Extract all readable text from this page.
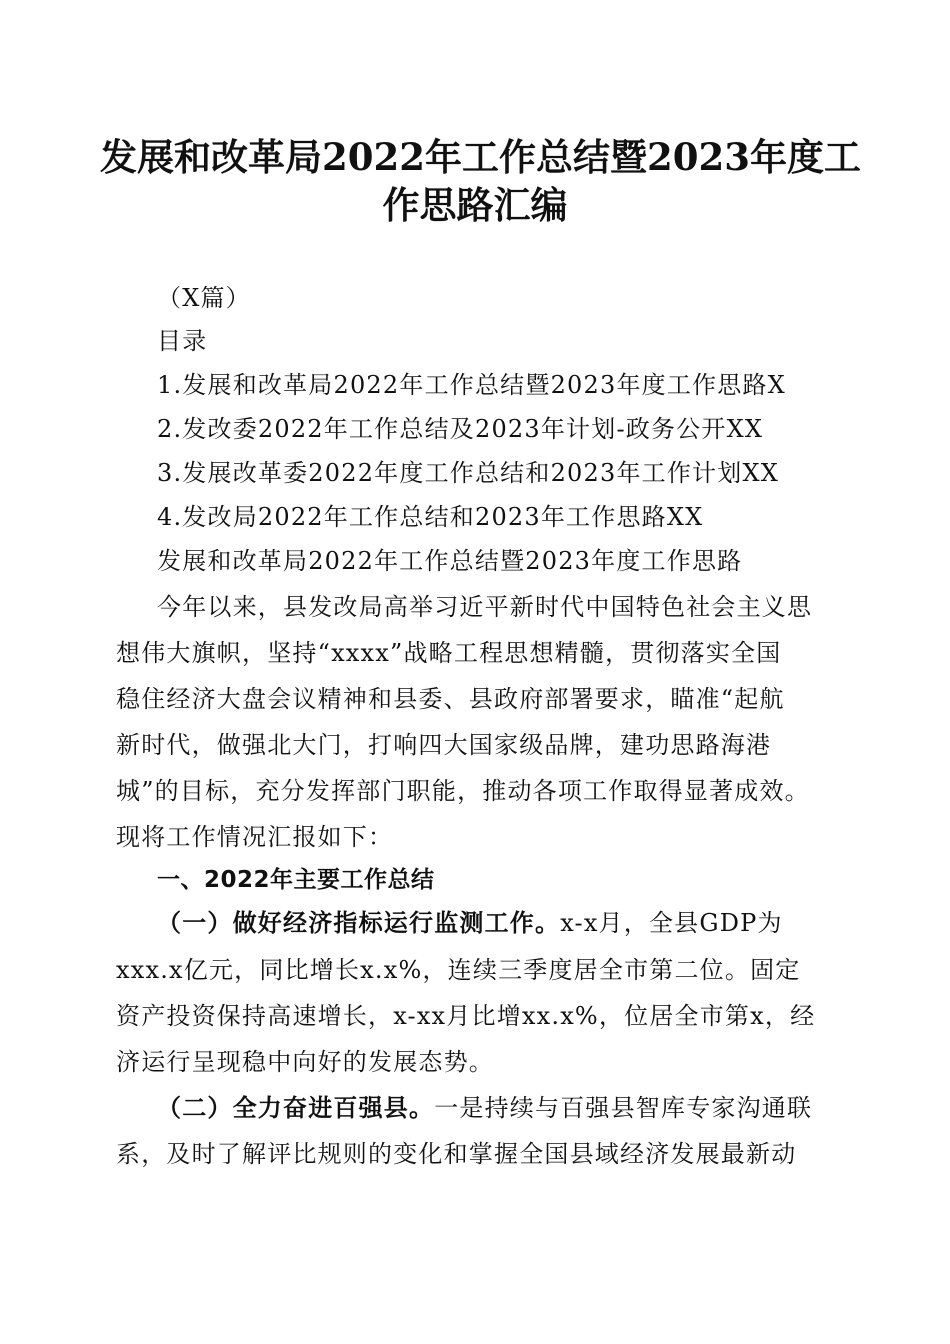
发展和改革局2022年工作总结暨2023年度工
作思路汇编

（X篇）

目录

1.发展和改革局2022年工作总结暨2023年度工作思路X

2.发改委2022年工作总结及2023年计划-政务公开XX

3.发展改革委2022年度工作总结和2023年工作计划XX

4.发改局2022年工作总结和2023年工作思路XX

发展和改革局2022年工作总结暨2023年度工作思路

今年以来，县发改局高举习近平新时代中国特色社会主义思

想伟大旗帜，坚持“xxxx”战略工程思想精髓，贯彻落实全国

稳住经济大盘会议精神和县委、县政府部署要求，瞄准“起航

新时代，做强北大门，打响四大国家级品牌，建功思路海港

城”的目标，充分发挥部门职能，推动各项工作取得显著成效。

现将工作情况汇报如下：

一、2022年主要工作总结

（一）做好经济指标运行监测工作。x-x月，全县GDP为

xxx.x亿元，同比增长x.x%，连续三季度居全市第二位。固定

资产投资保持高速增长，x-xx月比增xx.x%，位居全市第x，经

济运行呈现稳中向好的发展态势。

（二）全力奋进百强县。一是持续与百强县智库专家沟通联

系，及时了解评比规则的变化和掌握全国县域经济发展最新动
